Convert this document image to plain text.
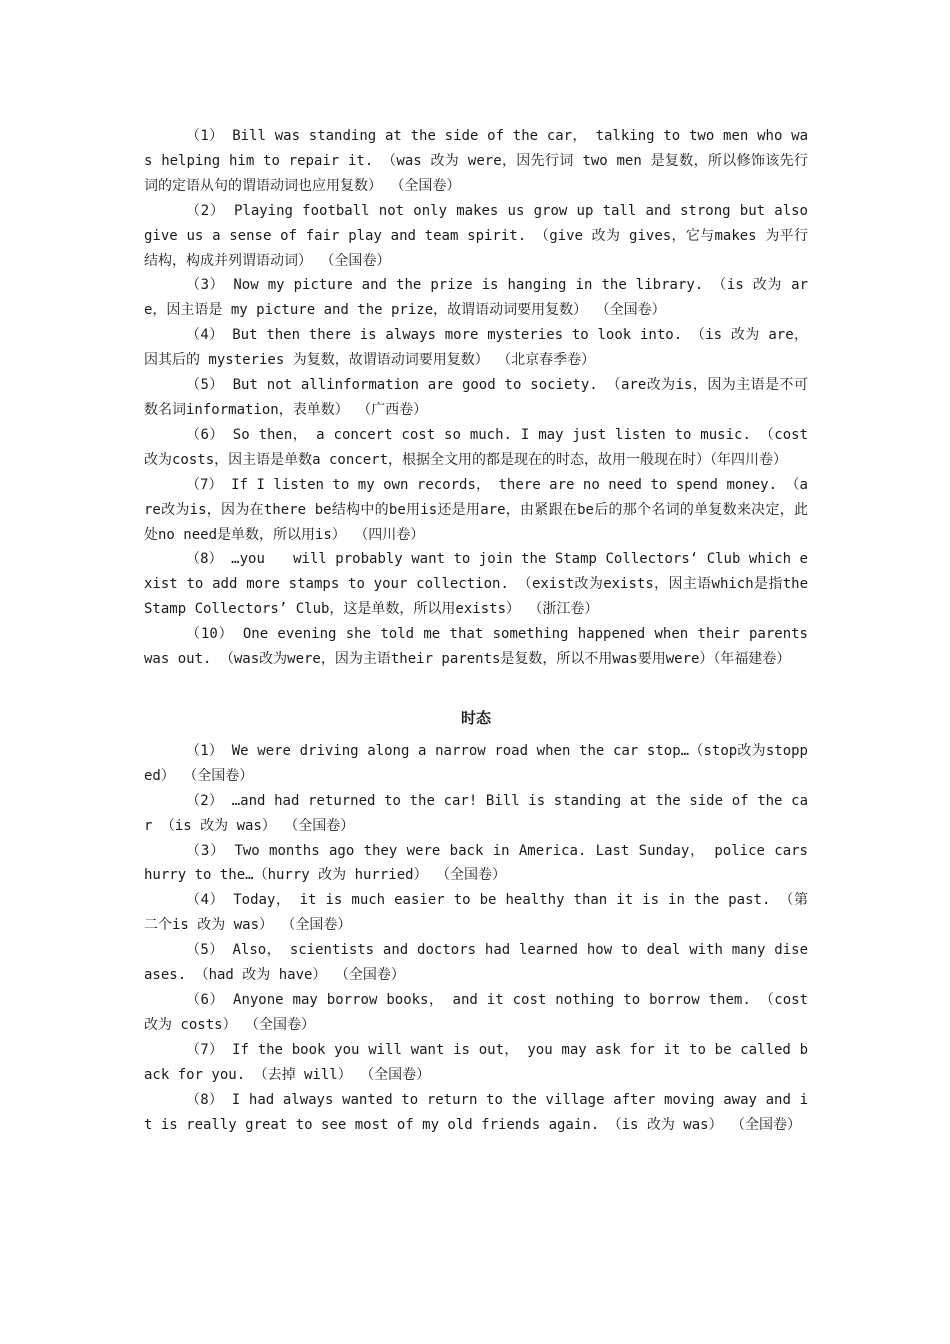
（1） Bill was standing at the side of the car， talking to two men who was helping him to repair it. （was 改为 were，因先行词 two men 是复数，所以修饰该先行词的定语从句的谓语动词也应用复数） （全国卷）

（2） Playing football not only makes us grow up tall and strong but also give us a sense of fair play and team spirit. （give 改为 gives，它与makes 为平行结构，构成并列谓语动词） （全国卷）

（3） Now my picture and the prize is hanging in the library. （is 改为 are，因主语是 my picture and the prize，故谓语动词要用复数） （全国卷）

（4） But then there is always more mysteries to look into. （is 改为 are，因其后的 mysteries 为复数，故谓语动词要用复数） （北京春季卷）

（5） But not allinformation are good to society. （are改为is，因为主语是不可数名词information，表单数） （广西卷）

（6） So then， a concert cost so much. I may just listen to music. （cost 改为costs，因主语是单数a concert，根据全文用的都是现在的时态，故用一般现在时）（年四川卷）

（7） If I listen to my own records， there are no need to spend money. （are改为is，因为在there be结构中的be用is还是用are，由紧跟在be后的那个名词的单复数来决定，此处no need是单数，所以用is） （四川卷）

（8） …you　　will probably want to join the Stamp Collectors‘ Club which exist to add more stamps to your collection. （exist改为exists，因主语which是指the Stamp Collectors’ Club，这是单数，所以用exists） （浙江卷）

（10） One evening she told me that something happened when their parents was out. （was改为were，因为主语their parents是复数，所以不用was要用were）（年福建卷）

时态

（1） We were driving along a narrow road when the car stop…（stop改为stopped） （全国卷）

（2） …and had returned to the car! Bill is standing at the side of the car （is 改为 was） （全国卷）

（3） Two months ago they were back in America. Last Sunday， police cars hurry to the…（hurry 改为 hurried） （全国卷）

（4） Today， it is much easier to be healthy than it is in the past. （第二个is 改为 was） （全国卷）

（5） Also， scientists and doctors had learned how to deal with many diseases. （had 改为 have） （全国卷）

（6） Anyone may borrow books， and it cost nothing to borrow them. （cost 改为 costs） （全国卷）

（7） If the book you will want is out， you may ask for it to be called back for you. （去掉 will） （全国卷）

（8） I had always wanted to return to the village after moving away and it is really great to see most of my old friends again. （is 改为 was） （全国卷）
